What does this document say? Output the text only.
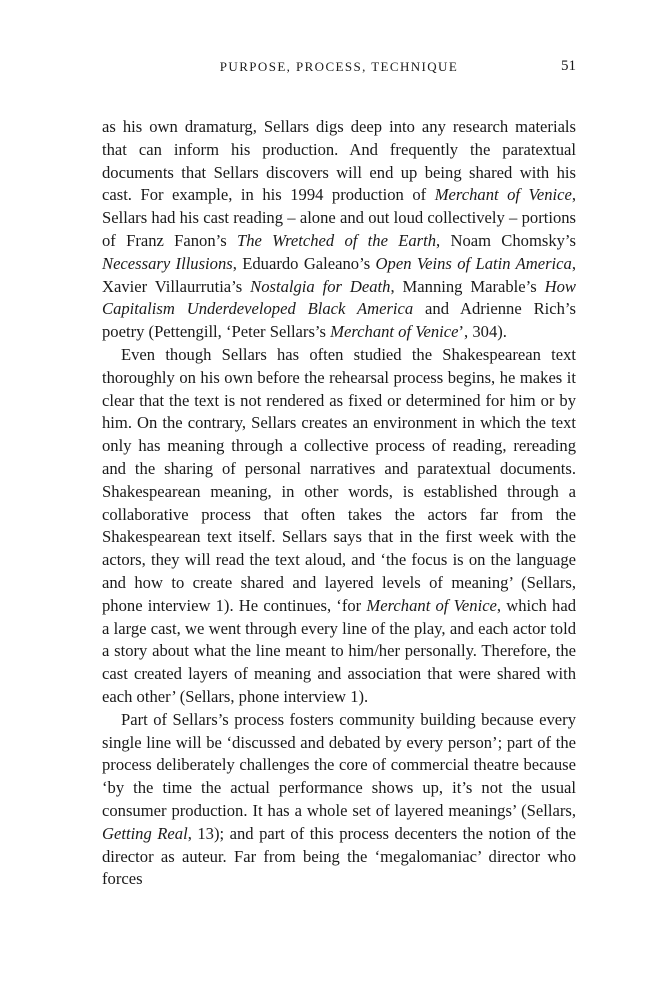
PURPOSE, PROCESS, TECHNIQUE	51

as his own dramaturg, Sellars digs deep into any research materials that can inform his production. And frequently the paratextual documents that Sellars discovers will end up being shared with his cast. For example, in his 1994 production of Merchant of Venice, Sellars had his cast reading – alone and out loud collectively – portions of Franz Fanon’s The Wretched of the Earth, Noam Chomsky’s Necessary Illusions, Eduardo Galeano’s Open Veins of Latin America, Xavier Villaurrutia’s Nostalgia for Death, Manning Marable’s How Capitalism Underdeveloped Black America and Adrienne Rich’s poetry (Pettengill, ‘Peter Sellars’s Merchant of Venice’, 304).

Even though Sellars has often studied the Shakespearean text thoroughly on his own before the rehearsal process begins, he makes it clear that the text is not rendered as fixed or determined for him or by him. On the contrary, Sellars creates an environment in which the text only has meaning through a collective process of reading, rereading and the sharing of personal narratives and paratextual documents. Shakespearean meaning, in other words, is established through a collaborative process that often takes the actors far from the Shakespearean text itself. Sellars says that in the first week with the actors, they will read the text aloud, and ‘the focus is on the language and how to create shared and layered levels of meaning’ (Sellars, phone interview 1). He continues, ‘for Merchant of Venice, which had a large cast, we went through every line of the play, and each actor told a story about what the line meant to him/her personally. Therefore, the cast created layers of meaning and association that were shared with each other’ (Sellars, phone interview 1).

Part of Sellars’s process fosters community building because every single line will be ‘discussed and debated by every person’; part of the process deliberately challenges the core of commercial theatre because ‘by the time the actual performance shows up, it’s not the usual consumer production. It has a whole set of layered meanings’ (Sellars, Getting Real, 13); and part of this process decenters the notion of the director as auteur. Far from being the ‘megalomaniac’ director who forces
